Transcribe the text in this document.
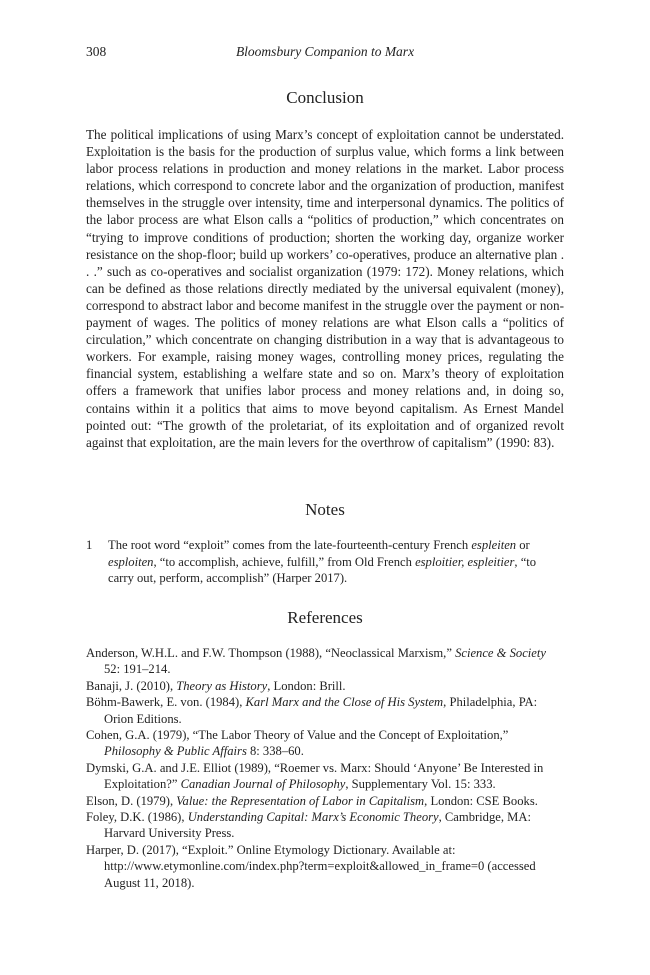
308	Bloomsbury Companion to Marx
Conclusion

The political implications of using Marx’s concept of exploitation cannot be understated. Exploitation is the basis for the production of surplus value, which forms a link between labor process relations in production and money relations in the market. Labor process relations, which correspond to concrete labor and the organization of production, manifest themselves in the struggle over intensity, time and interpersonal dynamics. The politics of the labor process are what Elson calls a “politics of production,” which concentrates on “trying to improve conditions of production; shorten the working day, organize worker resistance on the shop-floor; build up workers’ co-operatives, produce an alternative plan . . .” such as co-operatives and socialist organization (1979: 172). Money relations, which can be defined as those relations directly mediated by the universal equivalent (money), correspond to abstract labor and become manifest in the struggle over the payment or non-payment of wages. The politics of money relations are what Elson calls a “politics of circulation,” which concentrate on changing distribution in a way that is advantageous to workers. For example, raising money wages, controlling money prices, regulating the financial system, establishing a welfare state and so on. Marx’s theory of exploitation offers a framework that unifies labor process and money relations and, in doing so, contains within it a politics that aims to move beyond capitalism. As Ernest Mandel pointed out: “The growth of the proletariat, of its exploitation and of organized revolt against that exploitation, are the main levers for the overthrow of capitalism” (1990: 83).

Notes
1	The root word “exploit” comes from the late-fourteenth-century French espleiten or esploiten, “to accomplish, achieve, fulfill,” from Old French esploitier, espleitier, “to carry out, perform, accomplish” (Harper 2017).
References

Anderson, W.H.L. and F.W. Thompson (1988), “Neoclassical Marxism,” Science & Society 52: 191–214.

Banaji, J. (2010), Theory as History, London: Brill.

Böhm-Bawerk, E. von. (1984), Karl Marx and the Close of His System, Philadelphia, PA: Orion Editions.

Cohen, G.A. (1979), “The Labor Theory of Value and the Concept of Exploitation,” Philosophy & Public Affairs 8: 338–60.

Dymski, G.A. and J.E. Elliot (1989), “Roemer vs. Marx: Should ‘Anyone’ Be Interested in Exploitation?” Canadian Journal of Philosophy, Supplementary Vol. 15: 333.

Elson, D. (1979), Value: the Representation of Labor in Capitalism, London: CSE Books.

Foley, D.K. (1986), Understanding Capital: Marx’s Economic Theory, Cambridge, MA: Harvard University Press.

Harper, D. (2017), “Exploit.” Online Etymology Dictionary. Available at: http://www.etymonline.com/index.php?term=exploit&allowed_in_frame=0 (accessed August 11, 2018).
